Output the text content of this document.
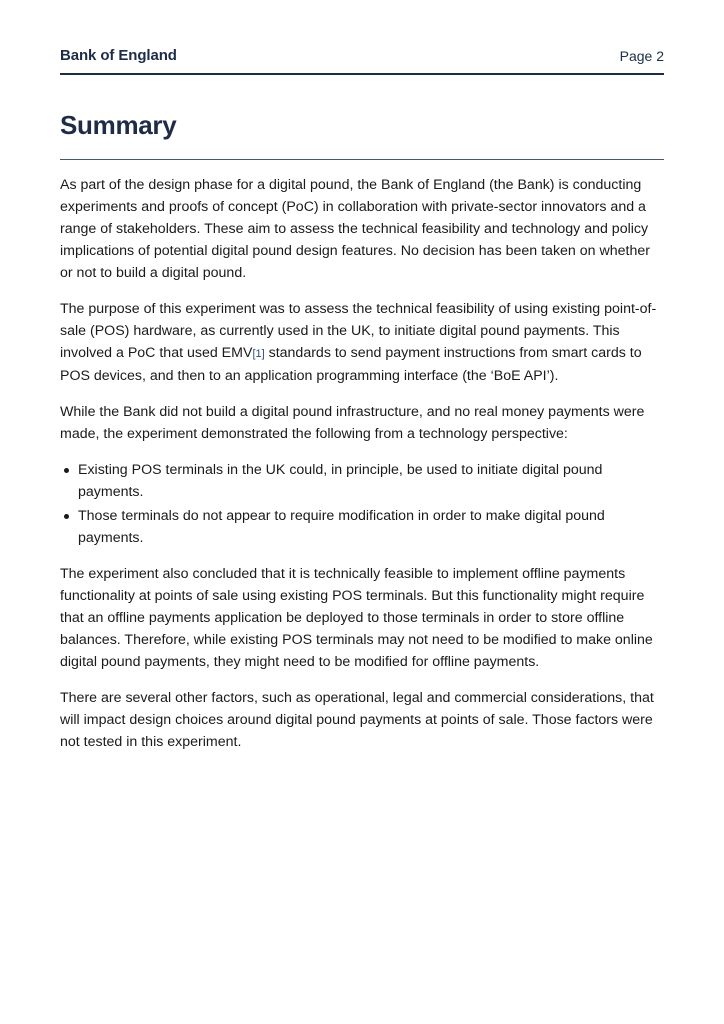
Bank of England	Page 2
Summary

As part of the design phase for a digital pound, the Bank of England (the Bank) is conducting experiments and proofs of concept (PoC) in collaboration with private-sector innovators and a range of stakeholders. These aim to assess the technical feasibility and technology and policy implications of potential digital pound design features. No decision has been taken on whether or not to build a digital pound.

The purpose of this experiment was to assess the technical feasibility of using existing point-of-sale (POS) hardware, as currently used in the UK, to initiate digital pound payments. This involved a PoC that used EMV[1] standards to send payment instructions from smart cards to POS devices, and then to an application programming interface (the ‘BoE API’).

While the Bank did not build a digital pound infrastructure, and no real money payments were made, the experiment demonstrated the following from a technology perspective:

Existing POS terminals in the UK could, in principle, be used to initiate digital pound payments.
Those terminals do not appear to require modification in order to make digital pound payments.

The experiment also concluded that it is technically feasible to implement offline payments functionality at points of sale using existing POS terminals. But this functionality might require that an offline payments application be deployed to those terminals in order to store offline balances. Therefore, while existing POS terminals may not need to be modified to make online digital pound payments, they might need to be modified for offline payments.

There are several other factors, such as operational, legal and commercial considerations, that will impact design choices around digital pound payments at points of sale. Those factors were not tested in this experiment.
